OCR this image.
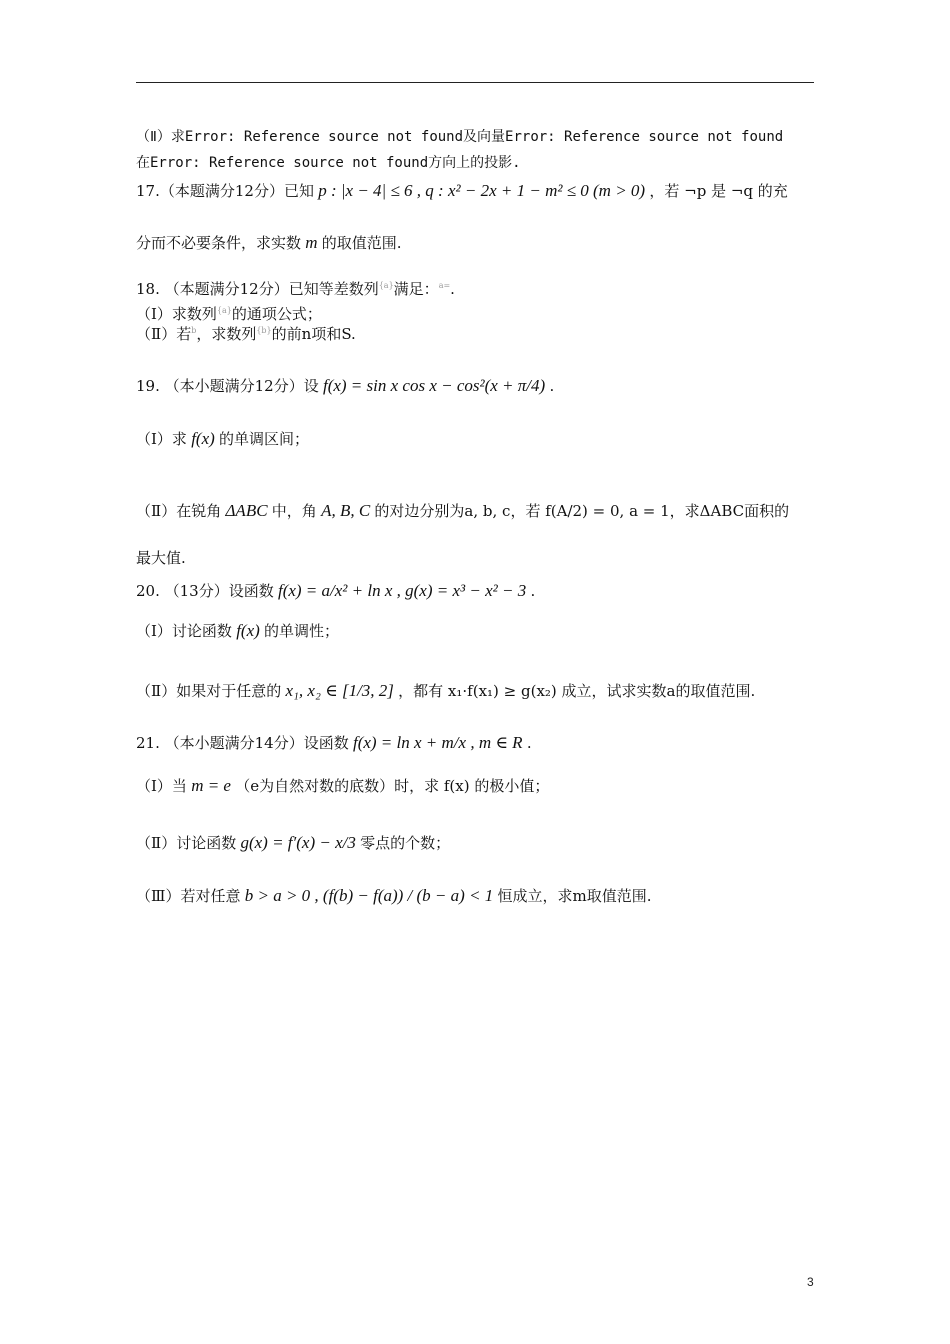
（Ⅱ）求Error: Reference source not found及向量Error: Reference source not found
在Error: Reference source not found方向上的投影.
17.（本题满分12分）已知 p : |x − 4| ≤ 6 , q : x² − 2x + 1 − m² ≤ 0 (m > 0) ，若 ¬p 是 ¬q 的充
分而不必要条件，求实数 m 的取值范围.
18. （本题满分12分）已知等差数列$^{\{a\}}$满足：$^{a=}$.
（Ⅰ）求数列$^{\{a\}}$的通项公式；
（Ⅱ）若$^b$，求数列$^{\{b\}}$的前n项和S.
19. （本小题满分12分）设 f(x) = sin x cos x − cos²(x + π/4) .
（Ⅰ）求 f(x) 的单调区间；
（Ⅱ）在锐角 ΔABC 中，角 A, B, C 的对边分别为a, b, c，若 f(A/2) = 0, a = 1，求ΔABC面积的
最大值.
20. （13分）设函数 f(x) = a/x² + ln x , g(x) = x³ − x² − 3 .
（Ⅰ）讨论函数 f(x) 的单调性；
（Ⅱ）如果对于任意的 x₁, x₂ ∈ [1/3, 2] ，都有 x₁·f(x₁) ≥ g(x₂) 成立，试求实数a的取值范围.
21. （本小题满分14分）设函数 f(x) = ln x + m/x , m ∈ R .
（Ⅰ）当 m = e （e为自然对数的底数）时，求 f(x) 的极小值；
（Ⅱ）讨论函数 g(x) = f′(x) − x/3 零点的个数；
（Ⅲ）若对任意 b > a > 0 , (f(b) − f(a)) / (b − a) < 1 恒成立，求m取值范围.
3
